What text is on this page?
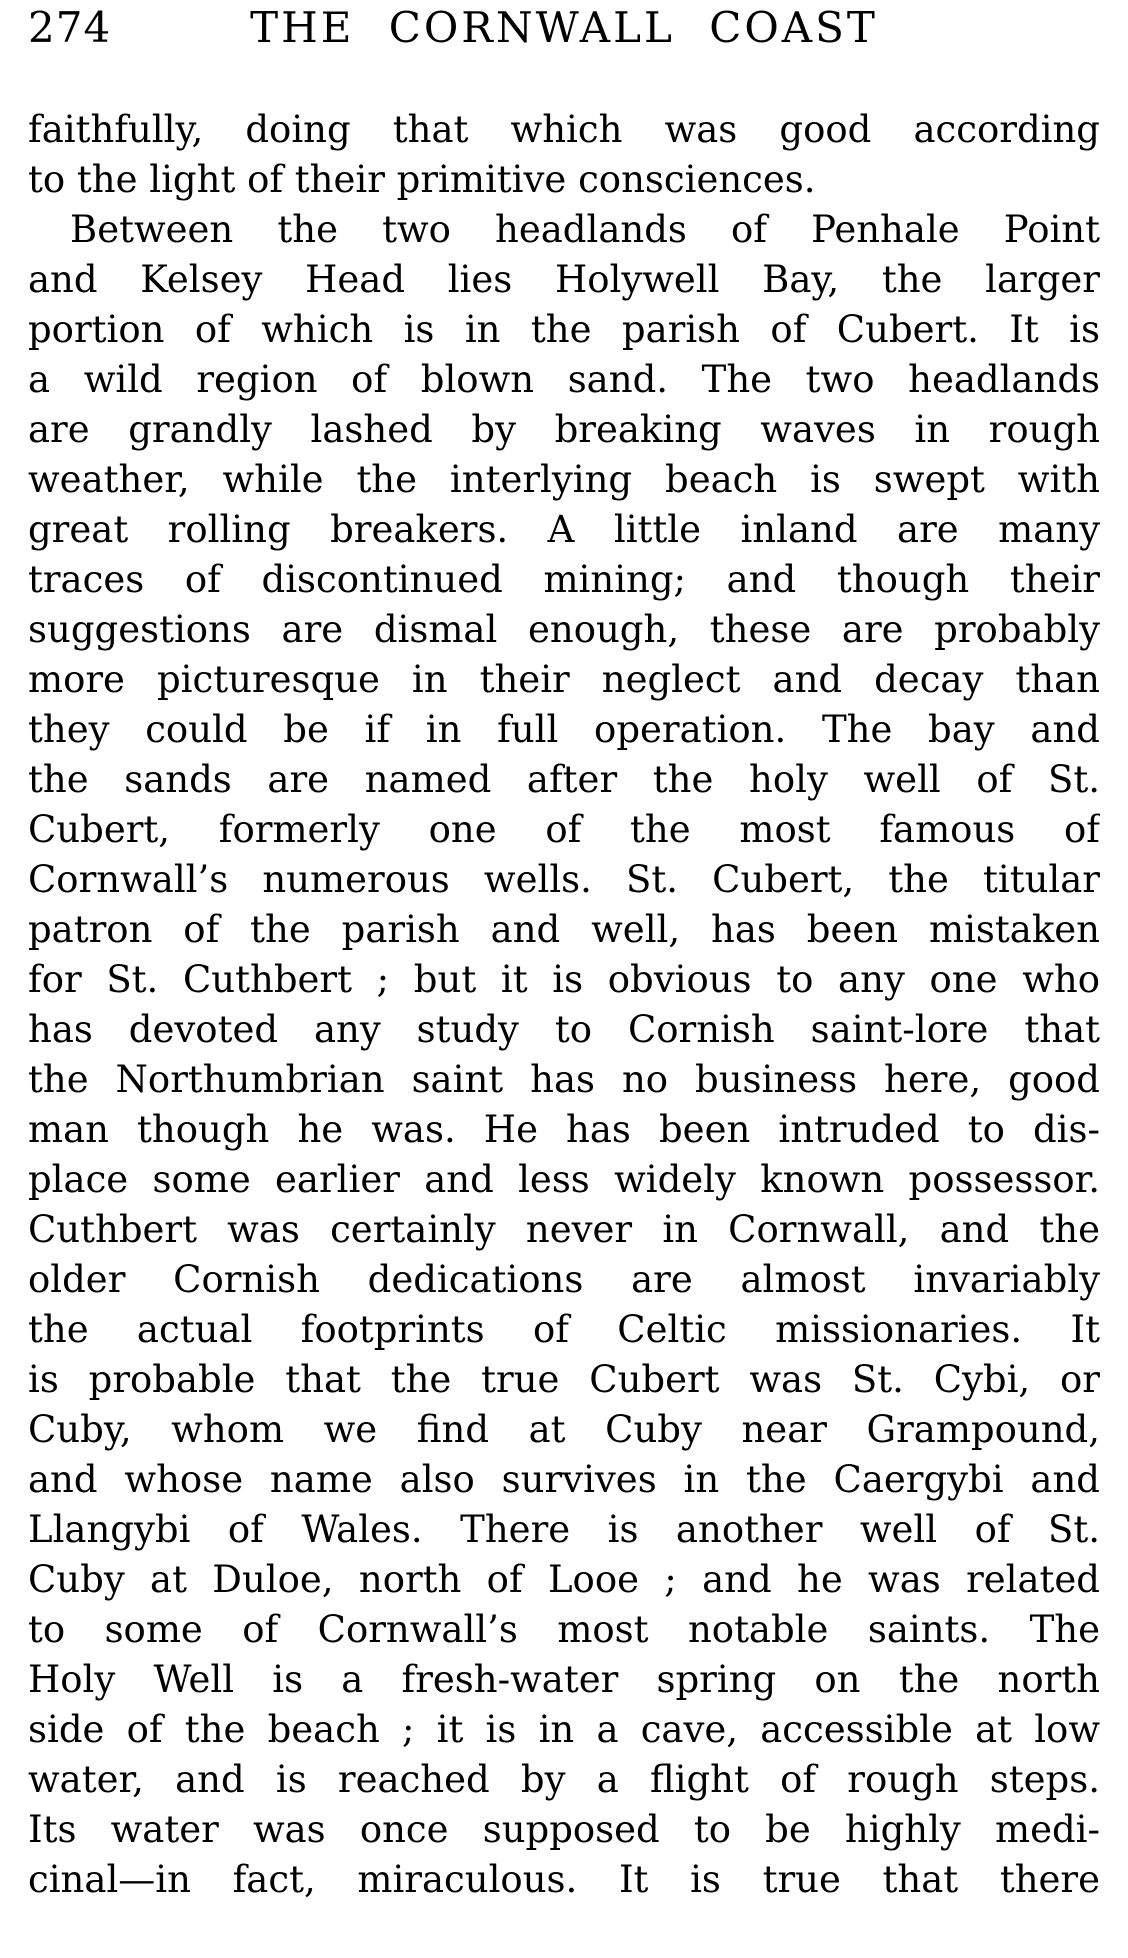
274	THE CORNWALL COAST
faithfully, doing that which was good according
to the light of their primitive consciences.
Between the two headlands of Penhale Point
and Kelsey Head lies Holywell Bay, the larger
portion of which is in the parish of Cubert. It is
a wild region of blown sand. The two headlands
are grandly lashed by breaking waves in rough
weather, while the interlying beach is swept with
great rolling breakers. A little inland are many
traces of discontinued mining; and though their
suggestions are dismal enough, these are probably
more picturesque in their neglect and decay than
they could be if in full operation. The bay and
the sands are named after the holy well of St.
Cubert, formerly one of the most famous of
Cornwall’s numerous wells. St. Cubert, the titular
patron of the parish and well, has been mistaken
for St. Cuthbert ; but it is obvious to any one who
has devoted any study to Cornish saint-lore that
the Northumbrian saint has no business here, good
man though he was. He has been intruded to dis-
place some earlier and less widely known possessor.
Cuthbert was certainly never in Cornwall, and the
older Cornish dedications are almost invariably
the actual footprints of Celtic missionaries. It
is probable that the true Cubert was St. Cybi, or
Cuby, whom we find at Cuby near Grampound,
and whose name also survives in the Caergybi and
Llangybi of Wales. There is another well of St.
Cuby at Duloe, north of Looe ; and he was related
to some of Cornwall’s most notable saints. The
Holy Well is a fresh-water spring on the north
side of the beach ; it is in a cave, accessible at low
water, and is reached by a flight of rough steps.
Its water was once supposed to be highly medi-
cinal—in fact, miraculous. It is true that there
